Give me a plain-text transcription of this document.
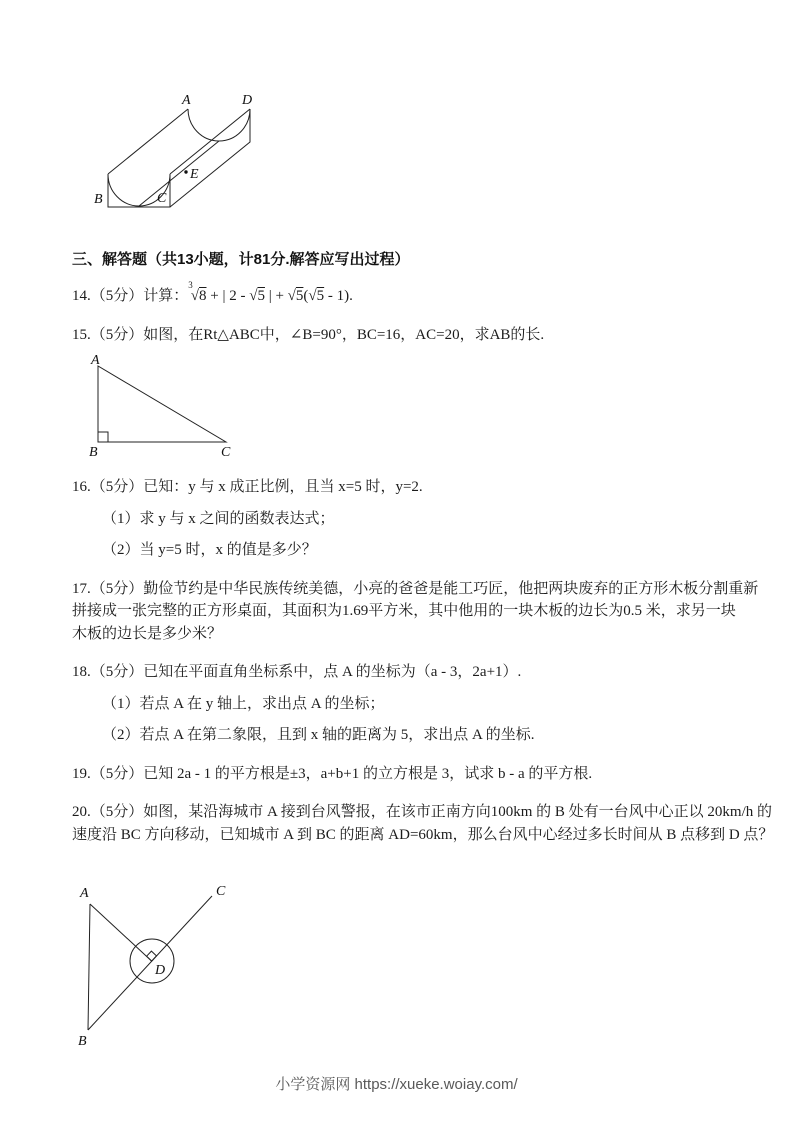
A	D
B	C
E
三、解答题（共13小题，计81分.解答应写出过程）
14.（5分）计算：$^3$√8 + | 2 - √5 | + √5(√5 - 1).
15.（5分）如图，在Rt△ABC中，∠B=90°，BC=16，AC=20，求AB的长.
A
B	C
16.（5分）已知：y 与 x 成正比例，且当 x=5 时，y=2.
（1）求 y 与 x 之间的函数表达式；
（2）当 y=5 时，x 的值是多少？
17.（5分）勤俭节约是中华民族传统美德，小亮的爸爸是能工巧匠，他把两块废弃的正方形木板分割重新
拼接成一张完整的正方形桌面，其面积为1.69平方米，其中他用的一块木板的边长为0.5 米，求另一块
木板的边长是多少米？
18.（5分）已知在平面直角坐标系中，点 A 的坐标为（a - 3，2a+1）.
（1）若点 A 在 y 轴上，求出点 A 的坐标；
（2）若点 A 在第二象限，且到 x 轴的距离为 5，求出点 A 的坐标.
19.（5分）已知 2a - 1 的平方根是±3，a+b+1 的立方根是 3，试求 b - a 的平方根.
20.（5分）如图，某沿海城市 A 接到台风警报，在该市正南方向100km 的 B 处有一台风中心正以 20km/h 的
速度沿 BC 方向移动，已知城市 A 到 BC 的距离 AD=60km，那么台风中心经过多长时间从 B 点移到 D 点？
A
B
C
D
小学资源网 https://xueke.woiay.com/
